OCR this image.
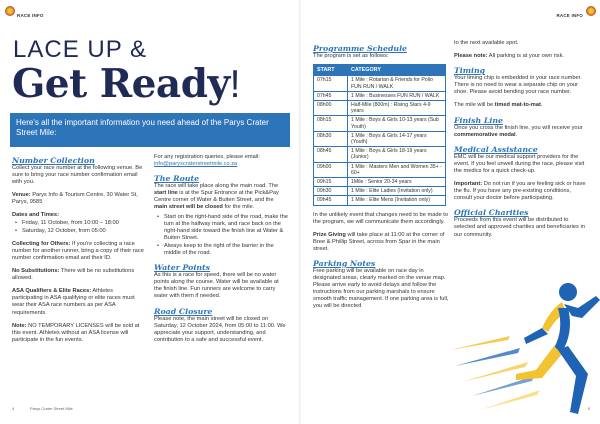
RACE INFO
LACE UP &
Get Ready!
Here's all the important information you need ahead of the Parys Crater Street Mile:
Number Collection

Collect your race number at the following venue. Be sure to bring your race number confirmation email with you.

Venue: Parys Info & Tourism Centre, 30 Water St, Parys, 9585

Dates and Times:
• Friday, 11 October, from 10:00 – 18:00
• Saturday, 12 October, from 05:00

Collecting for Others: If you're collecting a race number for another runner, bring a copy of their race number confirmation email and their ID.

No Substitutions: There will be no substitutions allowed.

ASA Qualifiers & Elite Races: Athletes participating in ASA qualifying or elite races must wear their ASA race numbers as per ASA requirements.

Note: NO TEMPORARY LICENSES will be sold at this event. Athletes without an ASA license will participate in the fun events.

For any registration queries, please email: info@paryscraterstreetmile.co.za

The Route

The race will take place along the main road. The start line is at the Spur Entrance at the Pick&Pay Centre corner of Water & Buiten Street, and the main street will be closed for the mile.

• Start on the right-hand side of the road, make the turn at the halfway mark, and race back on the right-hand side toward the finish line at Water & Buiten Street.
• Always keep to the right of the barrier in the middle of the road.
Water Points

As this is a race for speed, there will be no water points along the course. Water will be available at the finish line. Fun runners are welcome to carry water with them if needed.

Road Closure

Please note, the main street will be closed on Saturday, 12 October 2024, from 05:00 to 11:00. We appreciate your support, understanding, and contribution to a safe and successful event.

4	Parys Crater Street Mile
RACE INFO
Programme Schedule

The program is set as follows:

START	CATEGORY
07h15	1 Mile : Rotarian & Friends for Polio FUN RUN / WALK
07h45	1 Mile : Businesses FUN RUN / WALK
08h00	Half-Mile (800m) : Rising Stars 4-9 years
08h15	1 Mile : Boys & Girls 10-13 years (Sub Youth)
08h30	1 Mile : Boys & Girls 14-17 years (Youth)
08h45	1 Mile : Boys & Girls 18-19 years (Junior)
09h00	1 Mile : Masters Men and Women 35+ - 60+
09h15	1Mile : Senior 20-34 years
09h30	1 Mile : Elite Ladies (Invitation only)
09h45	1 Mile : Elite Mens (Invitation only)

In the unlikely event that changes need to be made to the program, we will communicate them accordingly.

Prize Giving will take place at 11:00 at the corner of Bree & Phillip Street, across from Spar in the main street.

Parking Notes

Free parking will be available on race day in designated areas, clearly marked on the venue map. Please arrive early to avoid delays and follow the instructions from our parking marshals to ensure smooth traffic management. If one parking area is full, you will be directed

to the next available spot.

Please note: All parking is at your own risk.

Timing

Your timing chip is embedded in your race number. There is no need to wear a separate chip on your shoe. Please avoid bending your race number.

The mile will be timed mat-to-mat.

Finish Line

Once you cross the finish line, you will receive your commemorative medal.

Medical Assistance

EMC will be our medical support providers for the event. If you feel unwell during the race, please visit the medics for a quick check-up.

Important: Do not run if you are feeling sick or have the flu. If you have any pre-existing conditions, consult your doctor before participating.

Official Charities

Proceeds from this event will be distributed to selected and approved charities and beneficiaries in our community.

5
